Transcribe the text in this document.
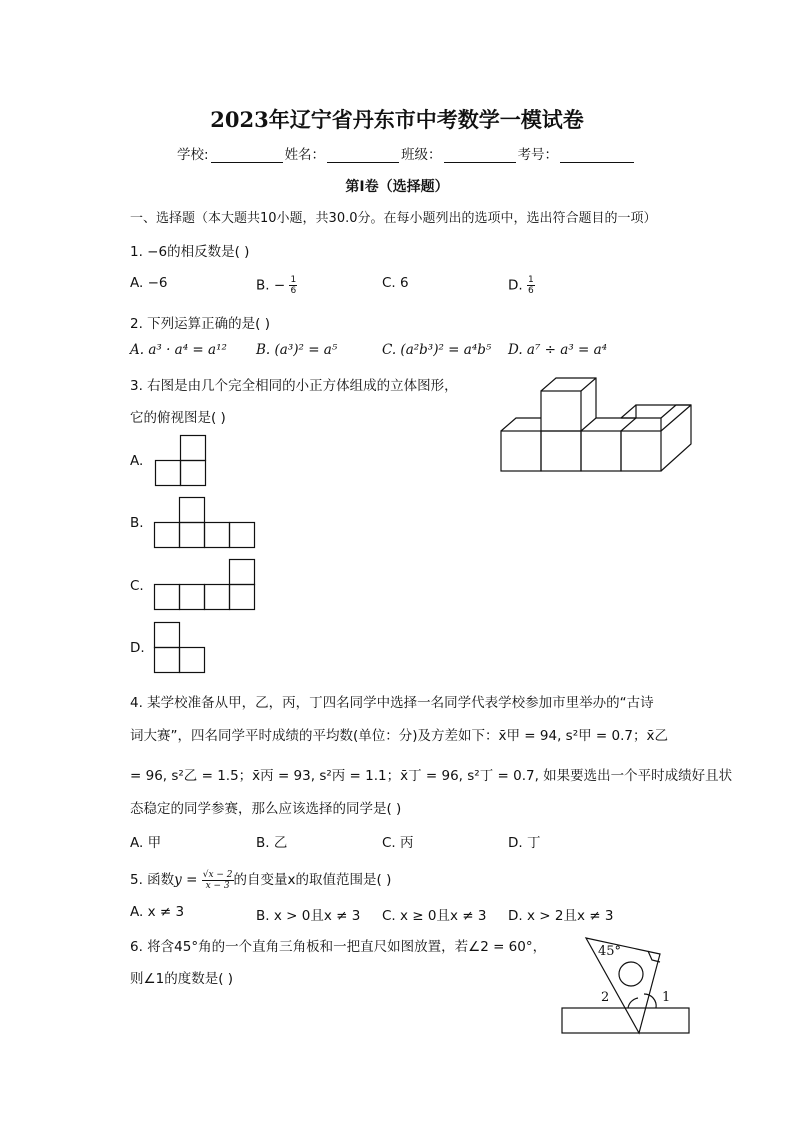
2023年辽宁省丹东市中考数学一模试卷
学校:	姓名：	班级：	考号：
第Ⅰ卷（选择题）
一、选择题（本大题共10小题，共30.0分。在每小题列出的选项中，选出符合题目的一项）
1. −6的相反数是( )
A. −6	B. − $\frac{1}{6}$	C. 6	D. $\frac{1}{6}$
2. 下列运算正确的是( )
A. a³ · a⁴ = a¹² B. (a³)² = a⁵	C. (a²b³)² = a⁴b⁵ D. a⁷ ÷ a³ = a⁴
3. 右图是由几个完全相同的小正方体组成的立体图形，
它的俯视图是( )
A.
B.
C.
D.
4. 某学校准备从甲，乙，丙，丁四名同学中选择一名同学代表学校参加市里举办的“古诗
词大赛”，四名同学平时成绩的平均数(单位：分)及方差如下：x̄甲 = 94, s²甲 = 0.7；x̄乙
= 96, s²乙 = 1.5；x̄丙 = 93, s²丙 = 1.1；x̄丁 = 96, s²丁 = 0.7, 如果要选出一个平时成绩好且状
态稳定的同学参赛，那么应该选择的同学是( )
A. 甲	B. 乙	C. 丙	D. 丁
5. 函数$y = \frac{√x - 2}{x - 3}$ 的自变量x的取值范围是( )
A. x ≠ 3	B. x > 0且x ≠ 3 C. x ≥ 0且x ≠ 3 D. x > 2且x ≠ 3
6. 将含45°角的一个直角三角板和一把直尺如图放置，若∠2 = 60°，
则∠1的度数是( )
45°
2	1
